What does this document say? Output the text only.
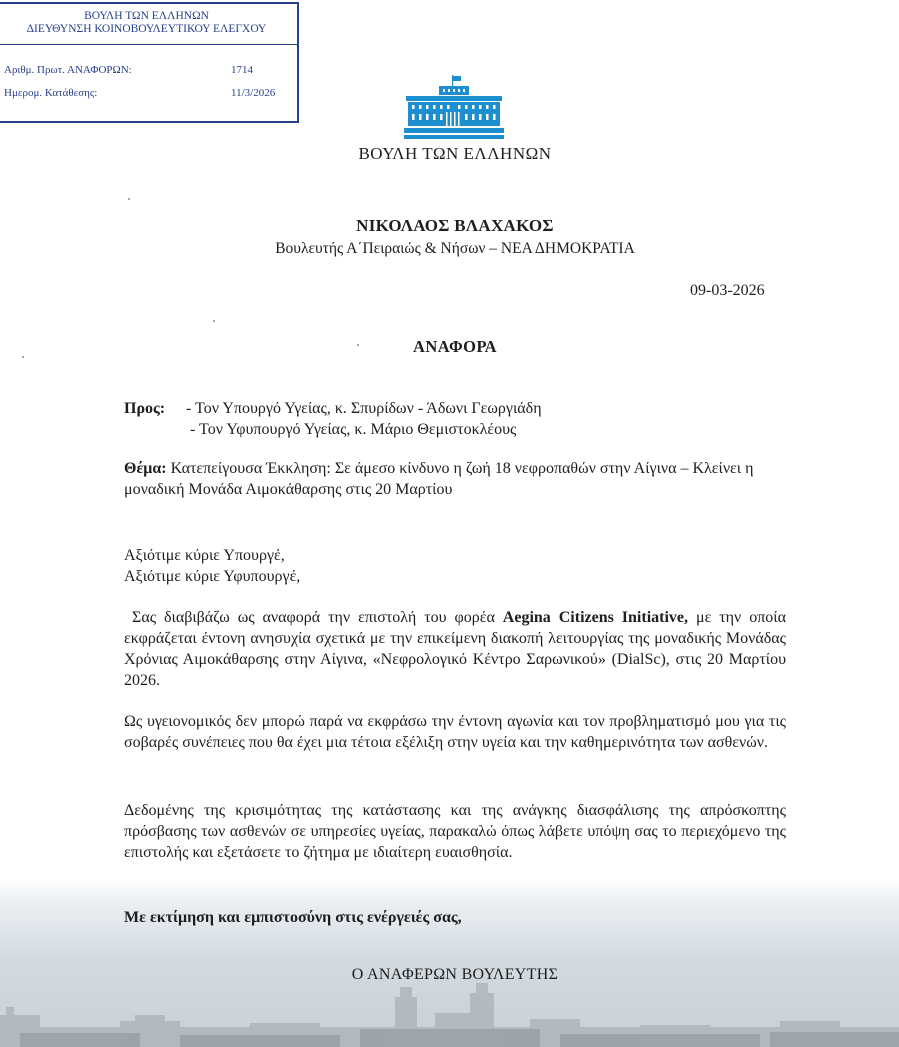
ΒΟΥΛΗ ΤΩΝ ΕΛΛΗΝΩΝ
ΔΙΕΥΘΥΝΣΗ ΚΟΙΝΟΒΟΥΛΕΥΤΙΚΟΥ ΕΛΕΓΧΟΥ
Αριθμ. Πρωτ. ΑΝΑΦΟΡΩΝ:	1714
Ημερομ. Κατάθεσης:	11/3/2026
ΒΟΥΛΗ ΤΩΝ ΕΛΛΗΝΩΝ
ΝΙΚΟΛΑΟΣ ΒΛΑΧΑΚΟΣ
Βουλευτής Α΄Πειραιώς & Νήσων – ΝΕΑ ΔΗΜΟΚΡΑΤΙΑ
09-03-2026
ΑΝΑΦΟΡΑ
Προς: - Τον Υπουργό Υγείας, κ. Σπυρίδων - Άδωνι Γεωργιάδη
- Τον Υφυπουργό Υγείας, κ. Μάριο Θεμιστοκλέους
Θέμα: Κατεπείγουσα Έκκληση: Σε άμεσο κίνδυνο η ζωή 18 νεφροπαθών στην Αίγινα – Κλείνει η μοναδική Μονάδα Αιμοκάθαρσης στις 20 Μαρτίου
Αξιότιμε κύριε Υπουργέ,
Αξιότιμε κύριε Υφυπουργέ,
Σας διαβιβάζω ως αναφορά την επιστολή του φορέα Aegina Citizens Initiative, με την οποία εκφράζεται έντονη ανησυχία σχετικά με την επικείμενη διακοπή λειτουργίας της μοναδικής Μονάδας Χρόνιας Αιμοκάθαρσης στην Αίγινα, «Νεφρολογικό Κέντρο Σαρωνικού» (DialSc), στις 20 Μαρτίου 2026.
Ως υγειονομικός δεν μπορώ παρά να εκφράσω την έντονη αγωνία και τον προβληματισμό μου για τις σοβαρές συνέπειες που θα έχει μια τέτοια εξέλιξη στην υγεία και την καθημερινότητα των ασθενών.
Δεδομένης της κρισιμότητας της κατάστασης και της ανάγκης διασφάλισης της απρόσκοπτης πρόσβασης των ασθενών σε υπηρεσίες υγείας, παρακαλώ όπως λάβετε υπόψη σας το περιεχόμενο της επιστολής και εξετάσετε το ζήτημα με ιδιαίτερη ευαισθησία.
Με εκτίμηση και εμπιστοσύνη στις ενέργειές σας,
Ο ΑΝΑΦΕΡΩΝ ΒΟΥΛΕΥΤΗΣ
